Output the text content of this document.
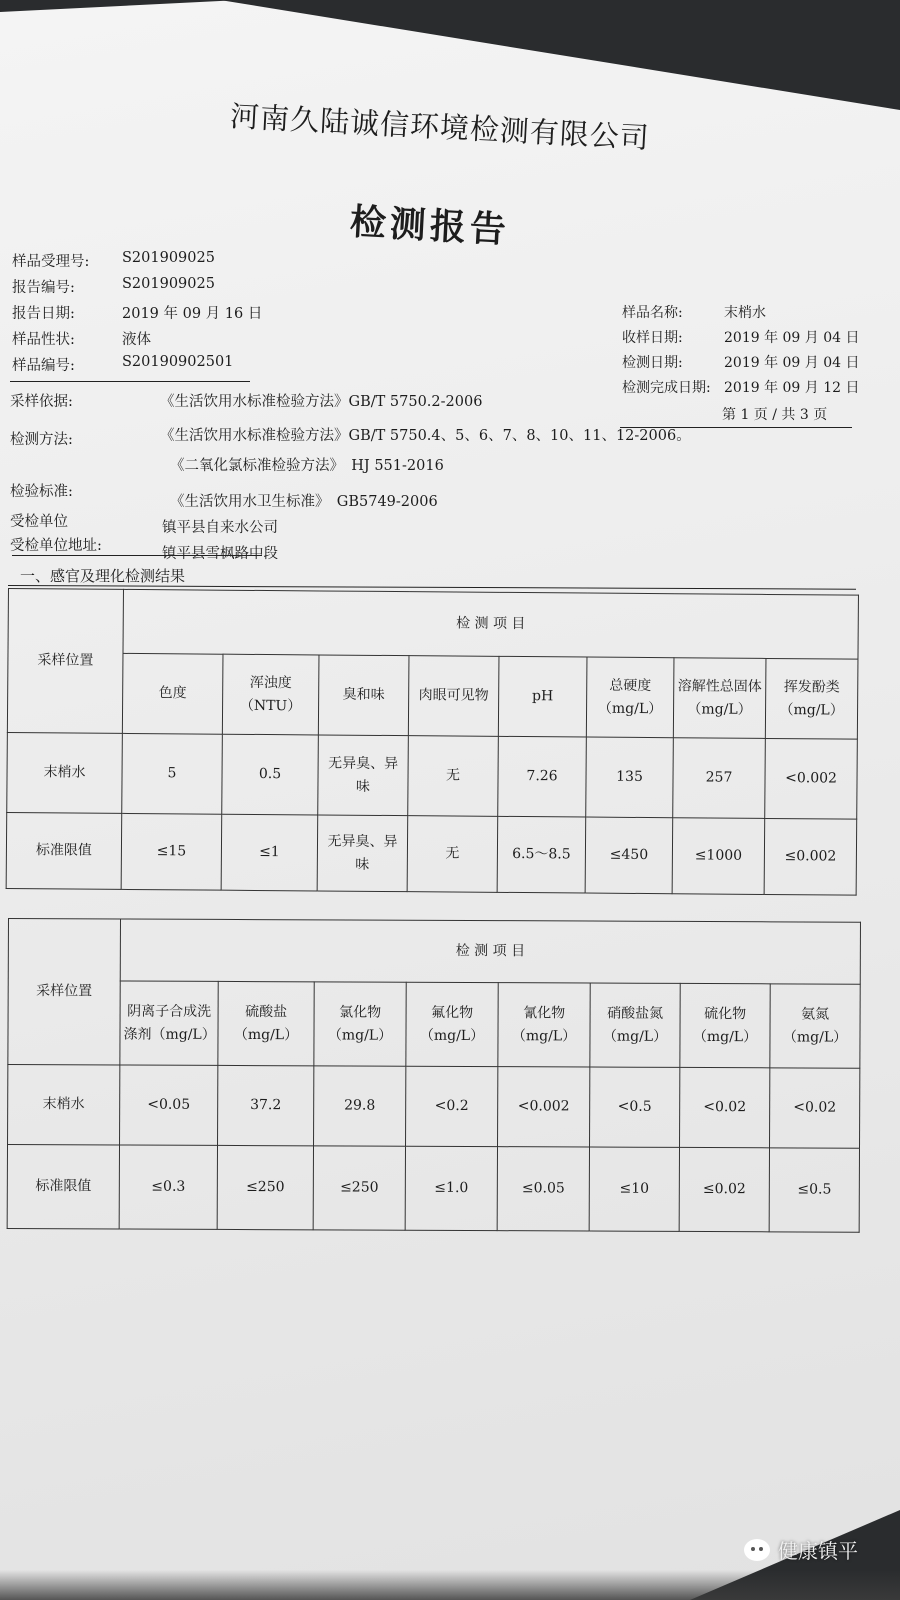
河南久陆诚信环境检测有限公司
检测报告
样品受理号:	S201909025
报告编号:	S201909025
报告日期:	2019 年 09 月 16 日
样品性状:	液体
样品编号:	S20190902501
样品名称:	末梢水
收样日期:	2019 年 09 月 04 日
检测日期:	2019 年 09 月 04 日
检测完成日期: 2019 年 09 月 12 日
第 1 页 / 共 3 页
采样依据:	《生活饮用水标准检验方法》GB/T 5750.2-2006
《生活饮用水标准检验方法》GB/T 5750.4、5、6、7、8、10、11、12-2006。
检测方法:
《二氧化氯标准检验方法》　HJ 551-2016
检验标准:
《生活饮用水卫生标准》　GB5749-2006
受检单位	镇平县自来水公司
受检单位地址:	镇平县雪枫路中段
一、感官及理化检测结果
采样位置	检 测 项 目							
	色度	浑浊度（NTU）	臭和味	肉眼可见物	pH	总硬度（mg/L）	溶解性总固体（mg/L）	挥发酚类（mg/L）
末梢水	5	0.5	无异臭、异味	无	7.26	135	257	<0.002
标准限值	≤15	≤1	无异臭、异味	无	6.5～8.5	≤450	≤1000	≤0.002
采样位置	检 测 项 目							
	阴离子合成洗涤剂（mg/L）	硫酸盐（mg/L）	氯化物（mg/L）	氟化物（mg/L）	氰化物（mg/L）	硝酸盐氮（mg/L）	硫化物（mg/L）	氨氮（mg/L）
末梢水	<0.05	37.2	29.8	<0.2	<0.002	<0.5	<0.02	<0.02
标准限值	≤0.3	≤250	≤250	≤1.0	≤0.05	≤10	≤0.02	≤0.5
健康镇平
